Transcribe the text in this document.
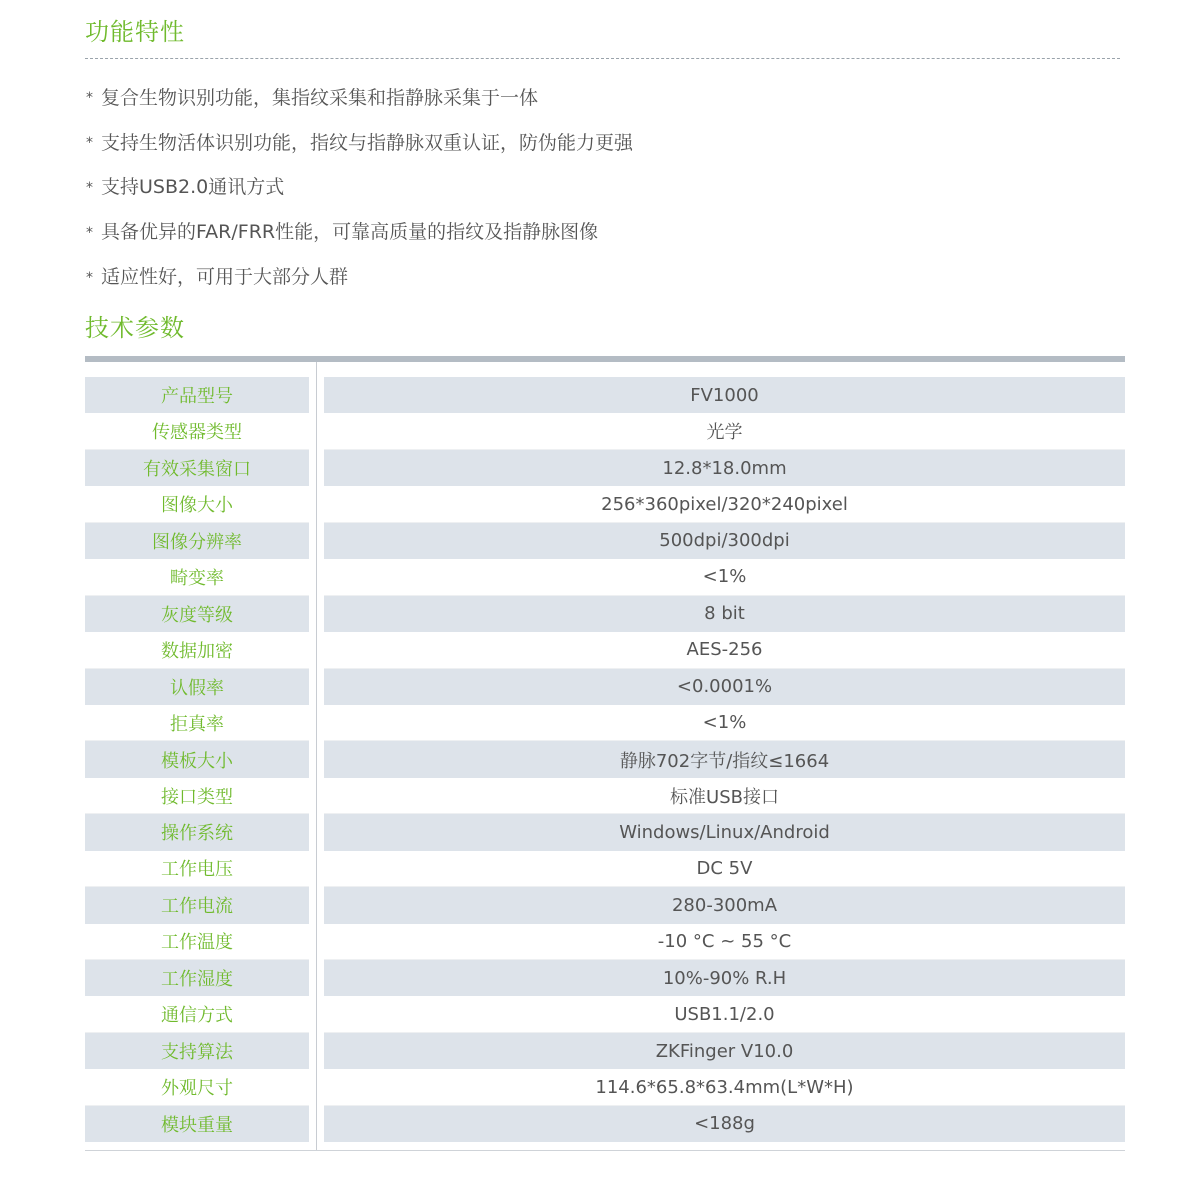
功能特性
* 复合生物识别功能，集指纹采集和指静脉采集于一体
* 支持生物活体识别功能，指纹与指静脉双重认证，防伪能力更强
* 支持USB2.0通讯方式
* 具备优异的FAR/FRR性能，可靠高质量的指纹及指静脉图像
* 适应性好，可用于大部分人群
技术参数
产品型号	FV1000
传感器类型	光学
有效采集窗口	12.8*18.0mm
图像大小	256*360pixel/320*240pixel
图像分辨率	500dpi/300dpi
畸变率	<1%
灰度等级	8 bit
数据加密	AES-256
认假率	<0.0001%
拒真率	<1%
模板大小	静脉702字节/指纹≤1664
接口类型	标准USB接口
操作系统	Windows/Linux/Android
工作电压	DC 5V
工作电流	280-300mA
工作温度	-10 °C ~ 55 °C
工作湿度	10%-90% R.H
通信方式	USB1.1/2.0
支持算法	ZKFinger V10.0
外观尺寸	114.6*65.8*63.4mm(L*W*H)
模块重量	<188g
